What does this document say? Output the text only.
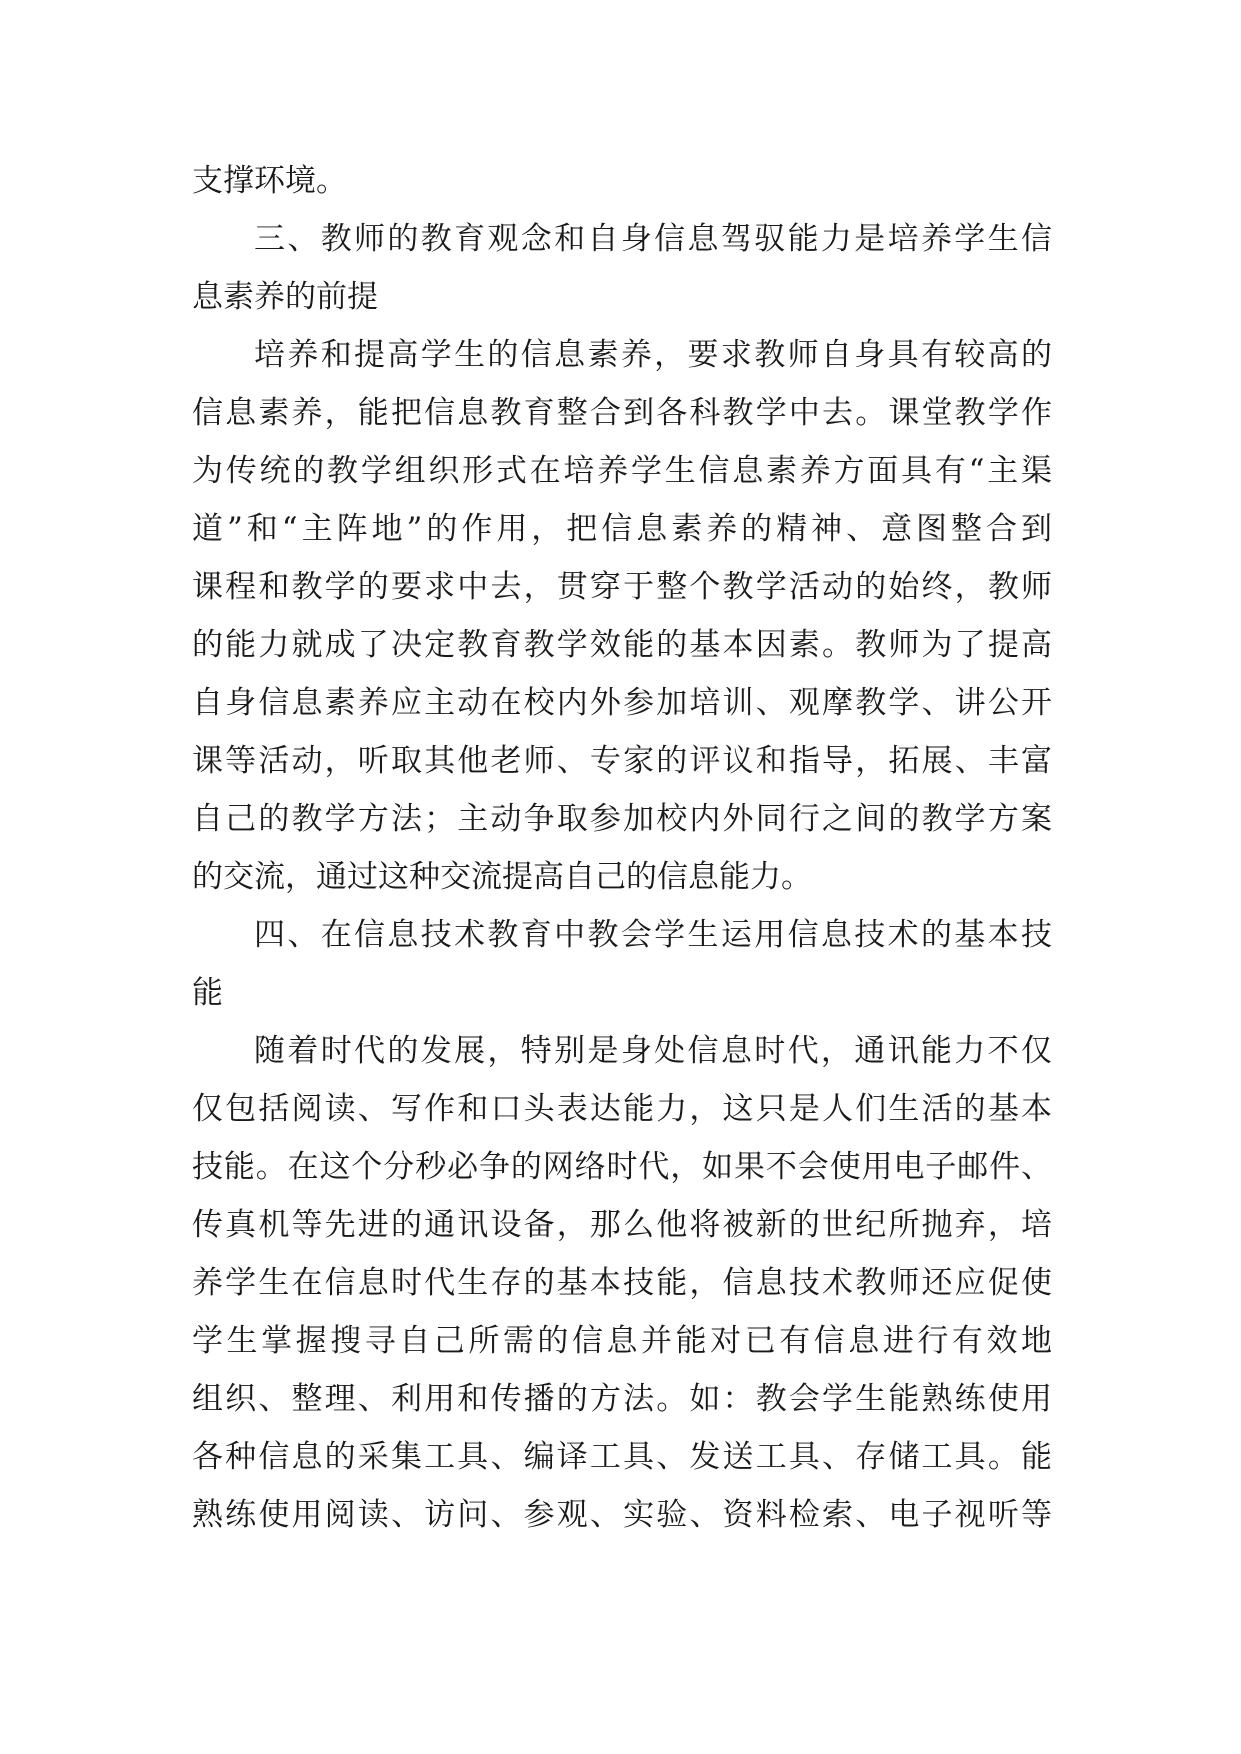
支撑环境。
三、教师的教育观念和自身信息驾驭能力是培养学生信
息素养的前提
培养和提高学生的信息素养，要求教师自身具有较高的
信息素养，能把信息教育整合到各科教学中去。课堂教学作
为传统的教学组织形式在培养学生信息素养方面具有“主渠
道”和“主阵地”的作用，把信息素养的精神、意图整合到
课程和教学的要求中去，贯穿于整个教学活动的始终，教师
的能力就成了决定教育教学效能的基本因素。教师为了提高
自身信息素养应主动在校内外参加培训、观摩教学、讲公开
课等活动，听取其他老师、专家的评议和指导，拓展、丰富
自己的教学方法；主动争取参加校内外同行之间的教学方案
的交流，通过这种交流提高自己的信息能力。
四、在信息技术教育中教会学生运用信息技术的基本技
能
随着时代的发展，特别是身处信息时代，通讯能力不仅
仅包括阅读、写作和口头表达能力，这只是人们生活的基本
技能。在这个分秒必争的网络时代，如果不会使用电子邮件、
传真机等先进的通讯设备，那么他将被新的世纪所抛弃，培
养学生在信息时代生存的基本技能，信息技术教师还应促使
学生掌握搜寻自己所需的信息并能对已有信息进行有效地
组织、整理、利用和传播的方法。如：教会学生能熟练使用
各种信息的采集工具、编译工具、发送工具、存储工具。能
熟练使用阅读、访问、参观、实验、资料检索、电子视听等
